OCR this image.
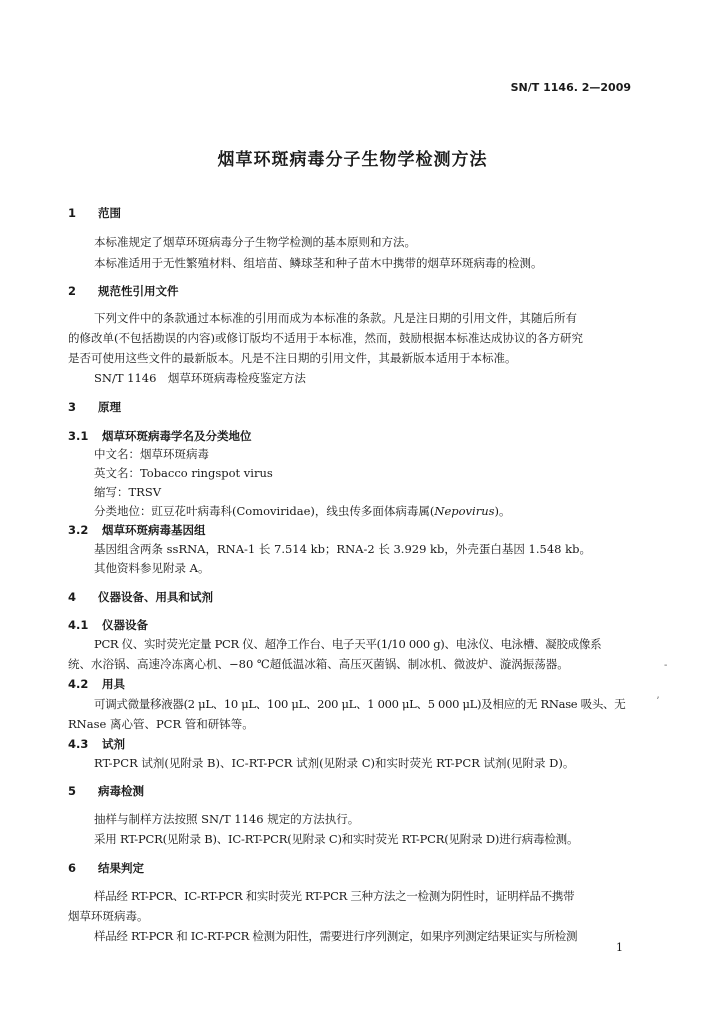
SN/T 1146. 2—2009
烟草环斑病毒分子生物学检测方法
1 范围
本标准规定了烟草环斑病毒分子生物学检测的基本原则和方法。
本标准适用于无性繁殖材料、组培苗、鳞球茎和种子苗木中携带的烟草环斑病毒的检测。
2 规范性引用文件
下列文件中的条款通过本标准的引用而成为本标准的条款。凡是注日期的引用文件，其随后所有
的修改单(不包括勘误的内容)或修订版均不适用于本标准，然而，鼓励根据本标准达成协议的各方研究
是否可使用这些文件的最新版本。凡是不注日期的引用文件，其最新版本适用于本标准。
SN/T 1146　烟草环斑病毒检疫鉴定方法
3 原理
3.1 烟草环斑病毒学名及分类地位
中文名：烟草环斑病毒
英文名：Tobacco ringspot virus
缩写：TRSV
分类地位：豇豆花叶病毒科(Comoviridae)，线虫传多面体病毒属(Nepovirus)。
3.2 烟草环斑病毒基因组
基因组含两条 ssRNA，RNA-1 长 7.514 kb；RNA-2 长 3.929 kb，外壳蛋白基因 1.548 kb。
其他资料参见附录 A。
4 仪器设备、用具和试剂
4.1 仪器设备
PCR 仪、实时荧光定量 PCR 仪、超净工作台、电子天平(1/10 000 g)、电泳仪、电泳槽、凝胶成像系
统、水浴锅、高速冷冻离心机、−80 ℃超低温冰箱、高压灭菌锅、制冰机、微波炉、漩涡振荡器。
4.2 用具
可调式微量移液器(2 μL、10 μL、100 μL、200 μL、1 000 μL、5 000 μL)及相应的无 RNase 吸头、无
RNase 离心管、PCR 管和研钵等。
4.3 试剂
RT-PCR 试剂(见附录 B)、IC-RT-PCR 试剂(见附录 C)和实时荧光 RT-PCR 试剂(见附录 D)。
5 病毒检测
抽样与制样方法按照 SN/T 1146 规定的方法执行。
采用 RT-PCR(见附录 B)、IC-RT-PCR(见附录 C)和实时荧光 RT-PCR(见附录 D)进行病毒检测。
6 结果判定
样品经 RT-PCR、IC-RT-PCR 和实时荧光 RT-PCR 三种方法之一检测为阴性时，证明样品不携带
烟草环斑病毒。
样品经 RT-PCR 和 IC-RT-PCR 检测为阳性，需要进行序列测定，如果序列测定结果证实与所检测
1
‐
ʼ
